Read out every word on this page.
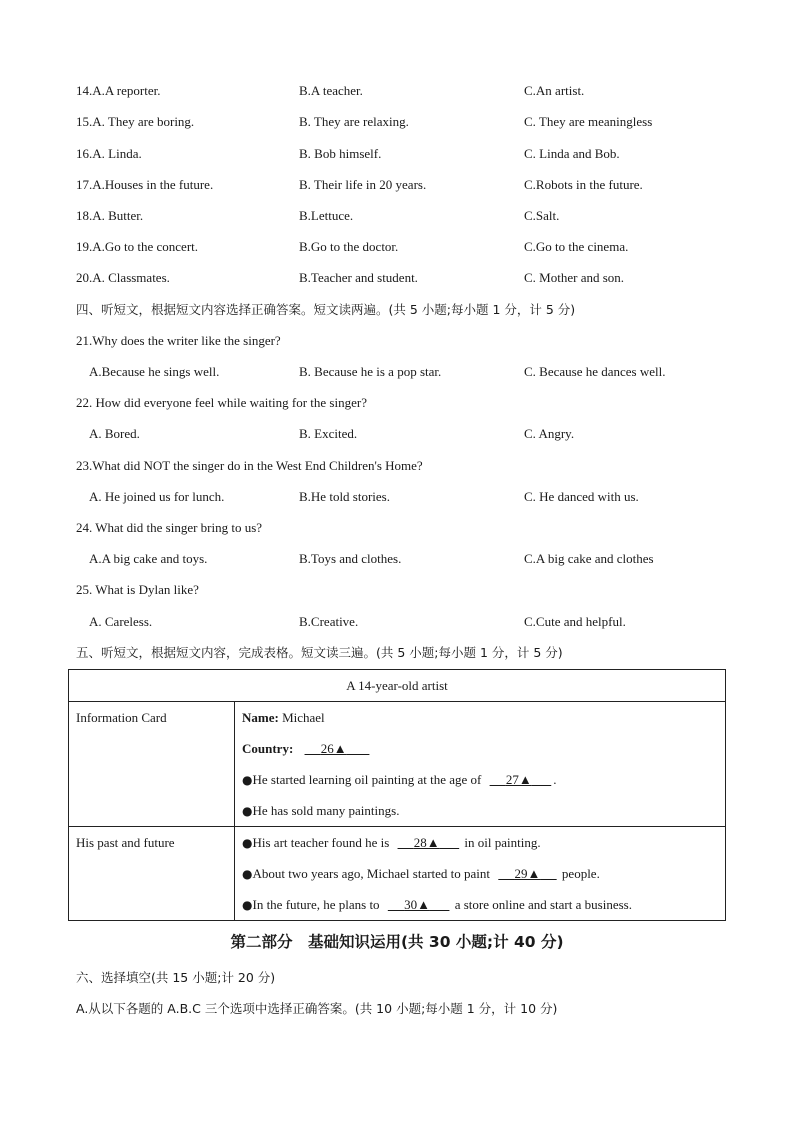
14.A.A reporter.	B.A teacher.	C.An artist.
15.A. They are boring.	B. They are relaxing.	C. They are meaningless
16.A. Linda.	B. Bob himself.	C. Linda and Bob.
17.A.Houses in the future.	B. Their life in 20 years.	C.Robots in the future.
18.A. Butter.	B.Lettuce.	C.Salt.
19.A.Go to the concert.	B.Go to the doctor.	C.Go to the cinema.
20.A. Classmates.	B.Teacher and student.	C. Mother and son.
四、听短文，根据短文内容选择正确答案。短文读两遍。(共 5 小题;每小题 1 分，计 5 分)
21.Why does the writer like the singer?
A.Because he sings well.	B. Because he is a pop star.	C. Because he dances well.
22. How did everyone feel while waiting for the singer?
A. Bored.	B. Excited.	C. Angry.
23.What did NOT the singer do in the West End Children's Home?
A. He joined us for lunch.	B.He told stories.	C. He danced with us.
24. What did the singer bring to us?
A.A big cake and toys.	B.Toys and clothes.	C.A big cake and clothes
25. What is Dylan like?
A. Careless.	B.Creative.	C.Cute and helpful.
五、听短文，根据短文内容，完成表格。短文读三遍。(共 5 小题;每小题 1 分，计 5 分)
A 14-year-old artist	

Information Card	Name: Michael
Country: 26▲
●He started learning oil painting at the age of 27▲ .
●He has sold many paintings.

His past and future	●His art teacher found he is 28▲ in oil painting.
●About two years ago, Michael started to paint 29▲ people.
●In the future, he plans to 30▲ a store online and start a business.
第二部分　基础知识运用(共 30 小题;计 40 分)
六、选择填空(共 15 小题;计 20 分)
A.从以下各题的 A.B.C 三个选项中选择正确答案。(共 10 小题;每小题 1 分，计 10 分)
